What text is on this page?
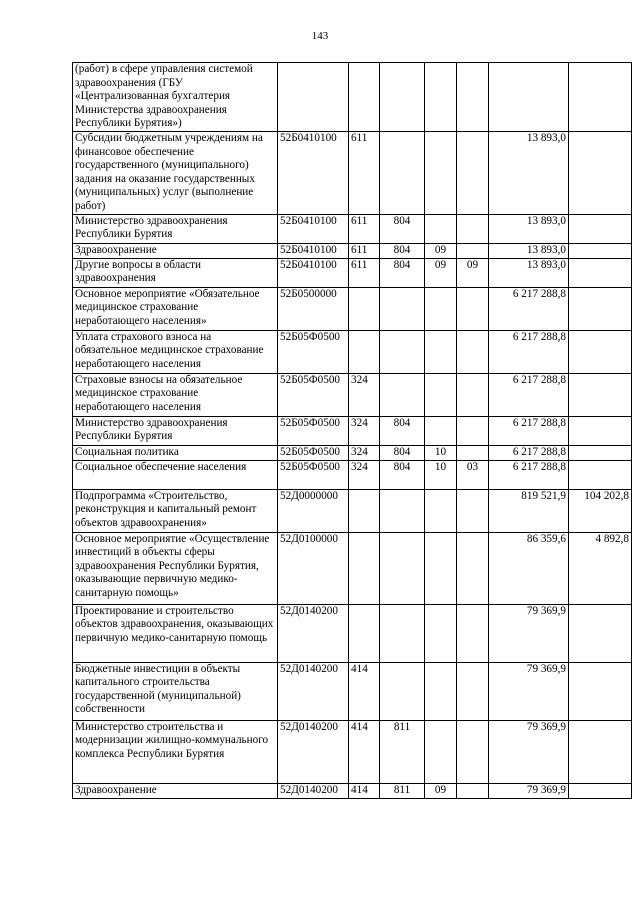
143
(работ) в сфере управления системой здравоохранения (ГБУ «Централизованная бухгалтерия Министерства здравоохранения Республики Бурятия»)							
Субсидии бюджетным учреждениям на финансовое обеспечение государственного (муниципального) задания на оказание государственных (муниципальных) услуг (выполнение работ)	52Б0410100	611				13 893,0	
Министерство здравоохранения Республики Бурятия	52Б0410100	611	804			13 893,0	
Здравоохранение	52Б0410100	611	804	09		13 893,0	
Другие вопросы в области здравоохранения	52Б0410100	611	804	09	09	13 893,0	
Основное мероприятие «Обязательное медицинское страхование неработающего населения»	52Б0500000					6 217 288,8	
Уплата страхового взноса на обязательное медицинское страхование неработающего населения	52Б05Ф0500					6 217 288,8	
Страховые взносы на обязательное медицинское страхование неработающего населения	52Б05Ф0500	324				6 217 288,8	
Министерство здравоохранения Республики Бурятия	52Б05Ф0500	324	804			6 217 288,8	
Социальная политика	52Б05Ф0500	324	804	10		6 217 288,8	
Социальное обеспечение населения	52Б05Ф0500	324	804	10	03	6 217 288,8	
Подпрограмма «Строительство, реконструкция и капитальный ремонт объектов здравоохранения»	52Д0000000					819 521,9	104 202,8
Основное мероприятие «Осуществление инвестиций в объекты сферы здравоохранения Республики Бурятия, оказывающие первичную медико-санитарную помощь»	52Д0100000					86 359,6	4 892,8
Проектирование и строительство объектов здравоохранения, оказывающих первичную медико-санитарную помощь	52Д0140200					79 369,9	
Бюджетные инвестиции в объекты капитального строительства государственной (муниципальной) собственности	52Д0140200	414				79 369,9	
Министерство строительства и модернизации жилищно-коммунального комплекса Республики Бурятия	52Д0140200	414	811			79 369,9	
Здравоохранение	52Д0140200	414	811	09		79 369,9	
